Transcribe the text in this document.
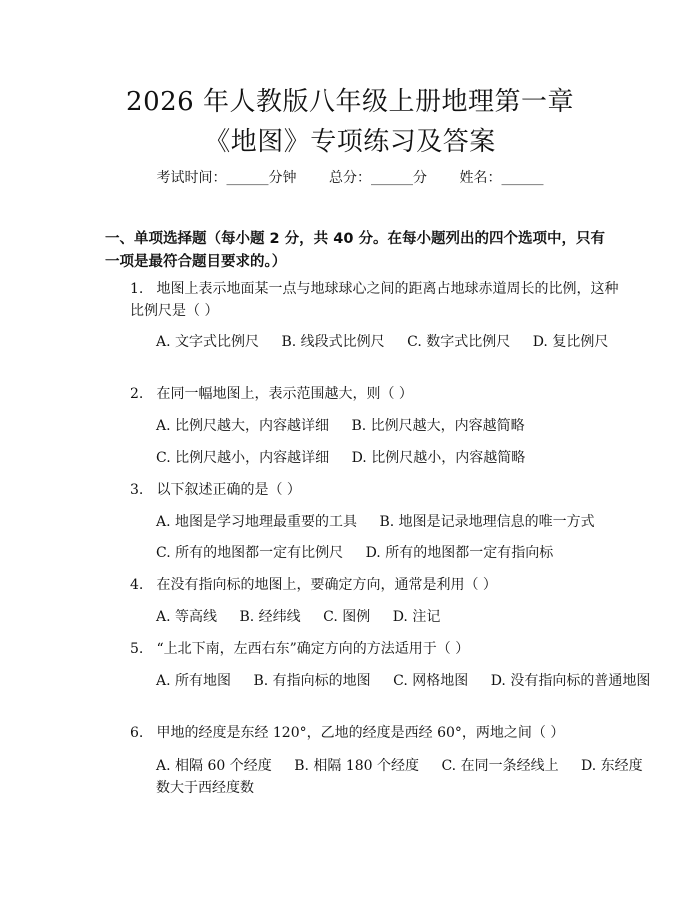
2026 年人教版八年级上册地理第一章《地图》专项练习及答案
考试时间：______分钟 总分：______分 姓名：______
一、单项选择题（每小题 2 分，共 40 分。在每小题列出的四个选项中，只有一项是最符合题目要求的。）
1. 地图上表示地面某一点与地球球心之间的距离占地球赤道周长的比例，这种比例尺是（ ）
A. 文字式比例尺 B. 线段式比例尺 C. 数字式比例尺 D. 复比例尺
2. 在同一幅地图上，表示范围越大，则（ ）
A. 比例尺越大，内容越详细 B. 比例尺越大，内容越简略
C. 比例尺越小，内容越详细 D. 比例尺越小，内容越简略
3. 以下叙述正确的是（ ）
A. 地图是学习地理最重要的工具 B. 地图是记录地理信息的唯一方式
C. 所有的地图都一定有比例尺 D. 所有的地图都一定有指向标
4. 在没有指向标的地图上，要确定方向，通常是利用（ ）
A. 等高线 B. 经纬线 C. 图例 D. 注记
5. “上北下南，左西右东”确定方向的方法适用于（ ）
A. 所有地图 B. 有指向标的地图 C. 网格地图 D. 没有指向标的普通地图
6. 甲地的经度是东经 120°，乙地的经度是西经 60°，两地之间（ ）
A. 相隔 60 个经度 B. 相隔 180 个经度 C. 在同一条经线上 D. 东经度数大于西经度数
